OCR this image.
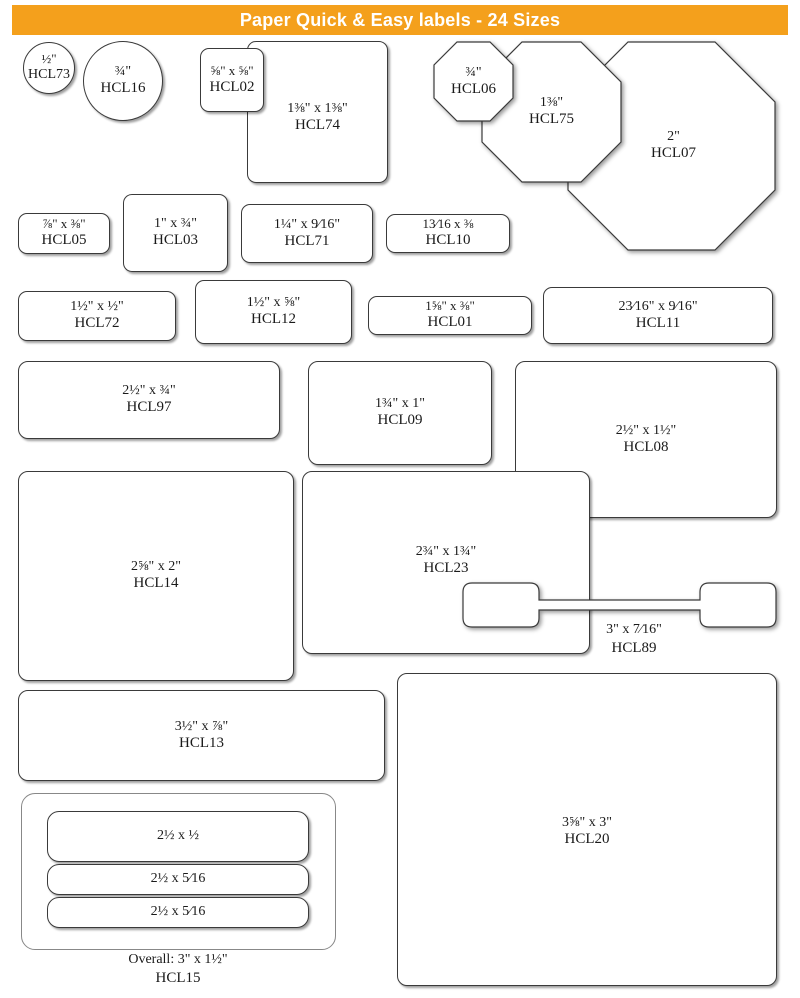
Paper Quick & Easy labels - 24 Sizes
½"
HCL73	¾"
HCL16
1⅜" x 1⅜"
HCL74
⅝" x ⅝"
HCL02
2"
HCL07
1⅜"
HCL75
¾"
HCL06
⅞" x ⅜"
HCL05
1" x ¾"
HCL03
1¼" x 9⁄16"
HCL71
13⁄16 x ⅜
HCL10
1½" x ½"
HCL72
1½" x ⅝"
HCL12
1⅝" x ⅜"
HCL01
23⁄16" x 9⁄16"
HCL11
2½" x ¾"
HCL97	1¾" x 1"
HCL09
2½" x 1½"
HCL08
2⅝" x 2"
HCL14
2¾" x 1¾"
HCL23
3" x 7⁄16"
HCL89
3½" x ⅞"
HCL13
3⅝" x 3"
HCL20
2½ x ½
2½ x 5⁄16
2½ x 5⁄16
Overall: 3" x 1½"
HCL15
